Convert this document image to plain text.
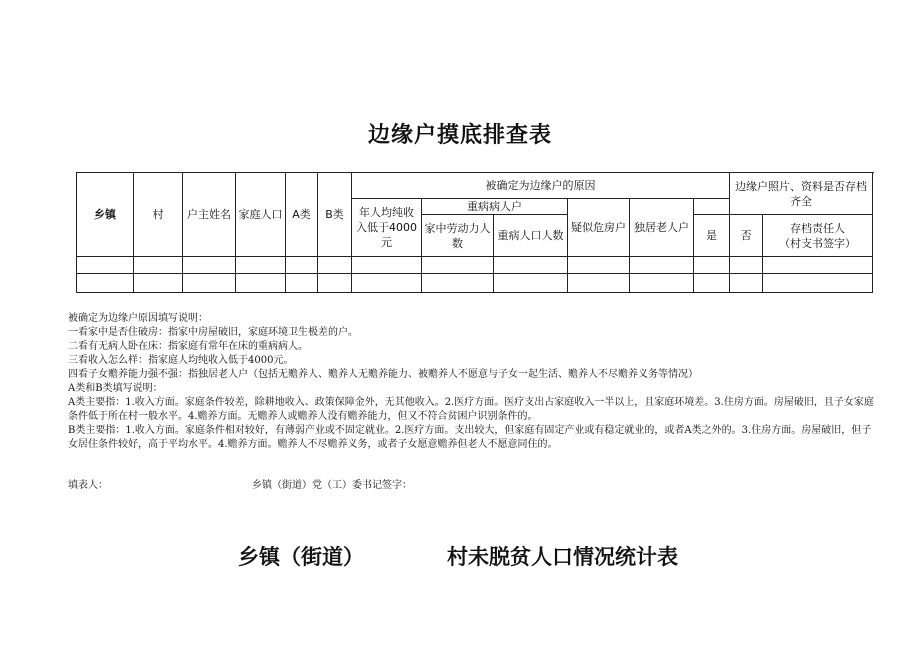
边缘户摸底排查表
乡镇	村	户主姓名	家庭人口	A类	B类	被确定为边缘户的原因						边缘户照片、资料是否存档齐全	
						年人均纯收入低于4000元	重病病人户		疑似危房户	独居老人户			
							家中劳动力人数	重病人口人数			是	否	存档责任人
（村支书签字）

被确定为边缘户原因填写说明：
一看家中是否住破房：指家中房屋破旧，家庭环境卫生极差的户。
二看有无病人卧在床：指家庭有常年在床的重病病人。
三看收入怎么样：指家庭人均纯收入低于4000元。
四看子女赡养能力强不强：指独居老人户（包括无赡养人、赡养人无赡养能力、被赡养人不愿意与子女一起生活、赡养人不尽赡养义务等情况）
A类和B类填写说明：
A类主要指：1.收入方面。家庭条件较差，除耕地收入、政策保障金外，无其他收入。2.医疗方面。医疗支出占家庭收入一半以上，且家庭环境差。3.住房方面。房屋破旧，且子女家庭条件低于所在村一般水平。4.赡养方面。无赡养人或赡养人没有赡养能力，但又不符合贫困户识别条件的。
B类主要指：1.收入方面。家庭条件相对较好，有薄弱产业或不固定就业。2.医疗方面。支出较大，但家庭有固定产业或有稳定就业的，或者A类之外的。3.住房方面。房屋破旧，但子女居住条件较好，高于平均水平。4.赡养方面。赡养人不尽赡养义务，或者子女愿意赡养但老人不愿意同住的。
填表人：	乡镇（街道）党（工）委书记签字：
乡镇（街道）	村未脱贫人口情况统计表
